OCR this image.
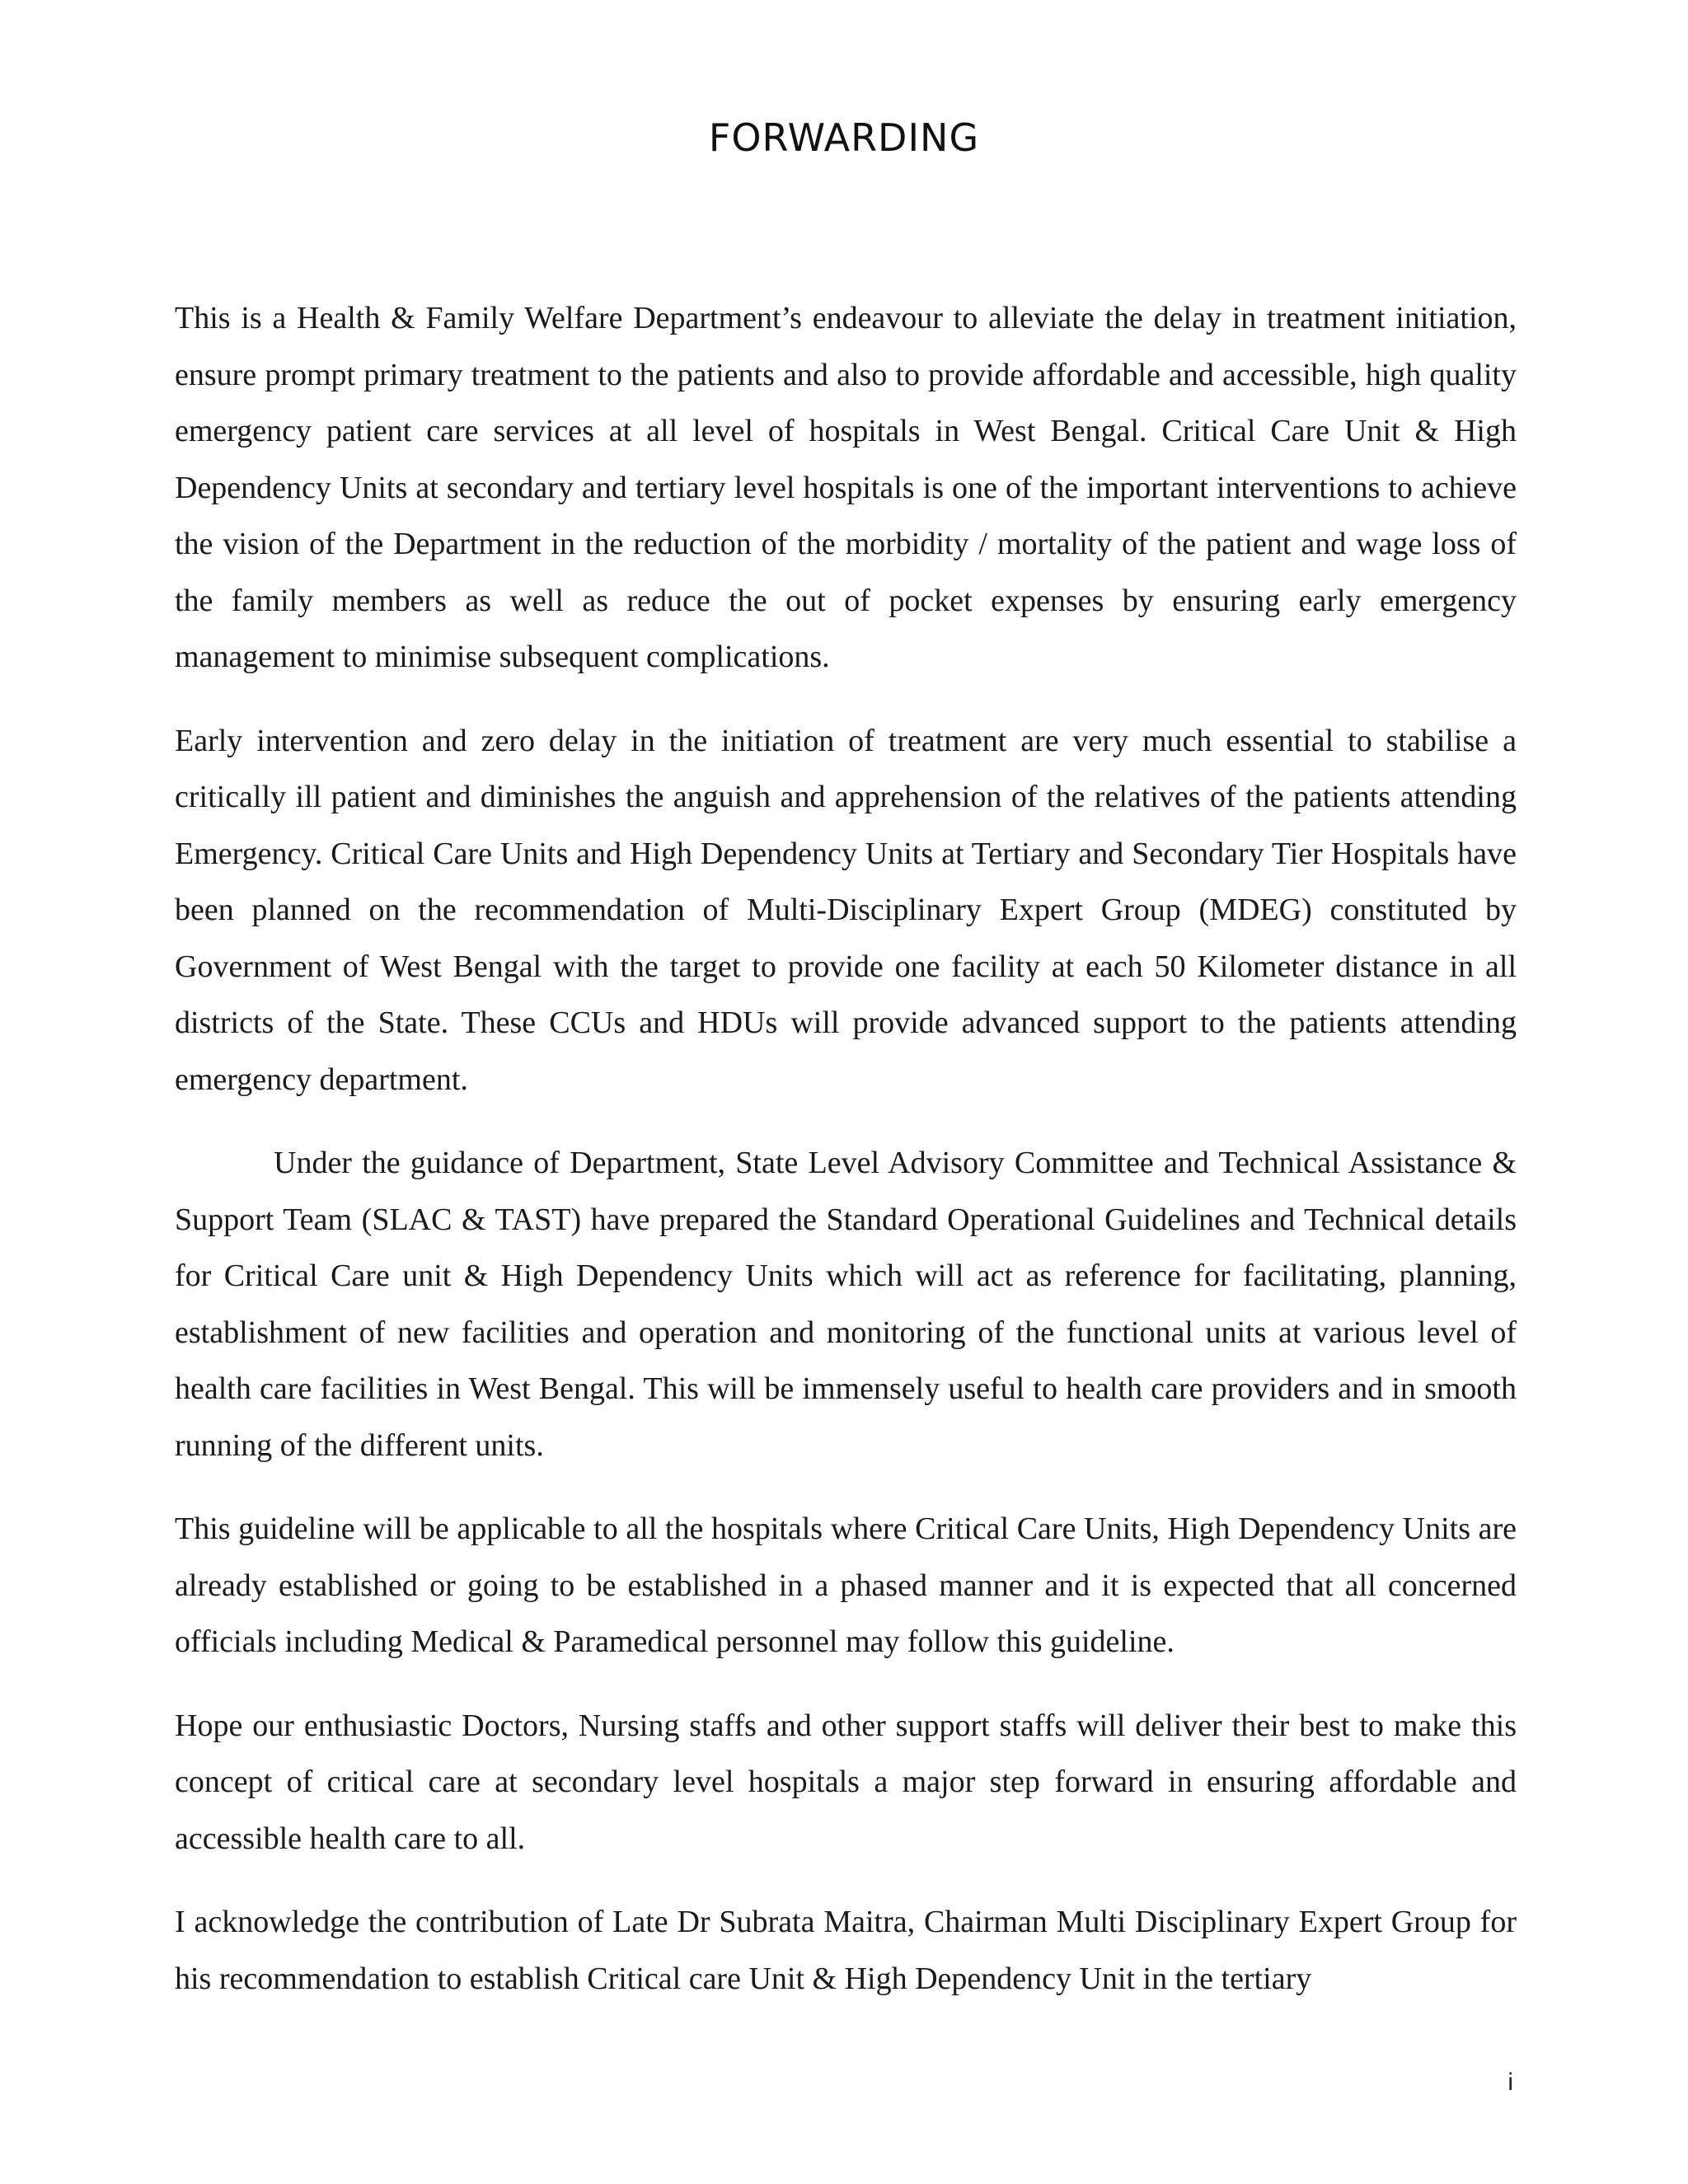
FORWARDING

This is a Health & Family Welfare Department’s endeavour to alleviate the delay in treatment initiation, ensure prompt primary treatment to the patients and also to provide affordable and accessible, high quality emergency patient care services at all level of hospitals in West Bengal. Critical Care Unit & High Dependency Units at secondary and tertiary level hospitals is one of the important interventions to achieve the vision of the Department in the reduction of the morbidity / mortality of the patient and wage loss of the family members as well as reduce the out of pocket expenses by ensuring early emergency management to minimise subsequent complications.

Early intervention and zero delay in the initiation of treatment are very much essential to stabilise a critically ill patient and diminishes the anguish and apprehension of the relatives of the patients attending Emergency. Critical Care Units and High Dependency Units at Tertiary and Secondary Tier Hospitals have been planned on the recommendation of Multi-Disciplinary Expert Group (MDEG) constituted by Government of West Bengal with the target to provide one facility at each 50 Kilometer distance in all districts of the State. These CCUs and HDUs will provide advanced support to the patients attending emergency department.

Under the guidance of Department, State Level Advisory Committee and Technical Assistance & Support Team (SLAC & TAST) have prepared the Standard Operational Guidelines and Technical details for Critical Care unit & High Dependency Units which will act as reference for facilitating, planning, establishment of new facilities and operation and monitoring of the functional units at various level of health care facilities in West Bengal. This will be immensely useful to health care providers and in smooth running of the different units.

This guideline will be applicable to all the hospitals where Critical Care Units, High Dependency Units are already established or going to be established in a phased manner and it is expected that all concerned officials including Medical & Paramedical personnel may follow this guideline.

Hope our enthusiastic Doctors, Nursing staffs and other support staffs will deliver their best to make this concept of critical care at secondary level hospitals a major step forward in ensuring affordable and accessible health care to all.

I acknowledge the contribution of Late Dr Subrata Maitra, Chairman Multi Disciplinary Expert Group for his recommendation to establish Critical care Unit & High Dependency Unit in the tertiary

i
